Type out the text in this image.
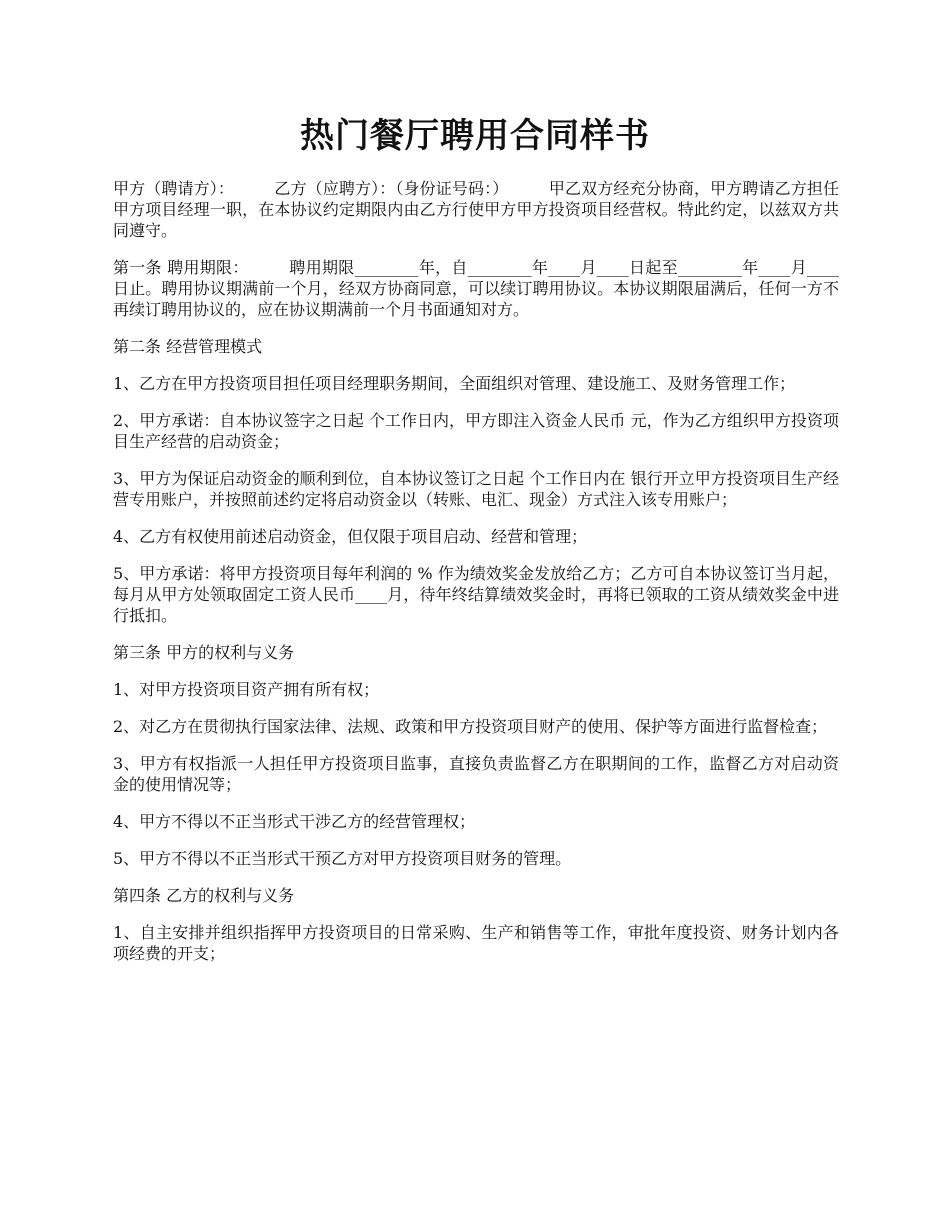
热门餐厅聘用合同样书

甲方（聘请方）：　　　乙方（应聘方）：（身份证号码：）　　　甲乙双方经充分协商，甲方聘请乙方担任甲方项目经理一职，在本协议约定期限内由乙方行使甲方甲方投资项目经营权。特此约定，以兹双方共同遵守。

第一条 聘用期限：　　　聘用期限________年，自________年____月____日起至________年____月____日止。聘用协议期满前一个月，经双方协商同意，可以续订聘用协议。本协议期限届满后，任何一方不再续订聘用协议的，应在协议期满前一个月书面通知对方。

第二条 经营管理模式

1、乙方在甲方投资项目担任项目经理职务期间，全面组织对管理、建设施工、及财务管理工作；

2、甲方承诺：自本协议签字之日起 个工作日内，甲方即注入资金人民币 元，作为乙方组织甲方投资项目生产经营的启动资金；

3、甲方为保证启动资金的顺利到位，自本协议签订之日起 个工作日内在 银行开立甲方投资项目生产经营专用账户，并按照前述约定将启动资金以（转账、电汇、现金）方式注入该专用账户；

4、乙方有权使用前述启动资金，但仅限于项目启动、经营和管理；

5、甲方承诺：将甲方投资项目每年利润的 % 作为绩效奖金发放给乙方；乙方可自本协议签订当月起，每月从甲方处领取固定工资人民币____月，待年终结算绩效奖金时，再将已领取的工资从绩效奖金中进行抵扣。

第三条 甲方的权利与义务

1、对甲方投资项目资产拥有所有权；

2、对乙方在贯彻执行国家法律、法规、政策和甲方投资项目财产的使用、保护等方面进行监督检查；

3、甲方有权指派一人担任甲方投资项目监事，直接负责监督乙方在职期间的工作，监督乙方对启动资金的使用情况等；

4、甲方不得以不正当形式干涉乙方的经营管理权；

5、甲方不得以不正当形式干预乙方对甲方投资项目财务的管理。

第四条 乙方的权利与义务

1、自主安排并组织指挥甲方投资项目的日常采购、生产和销售等工作，审批年度投资、财务计划内各项经费的开支；
